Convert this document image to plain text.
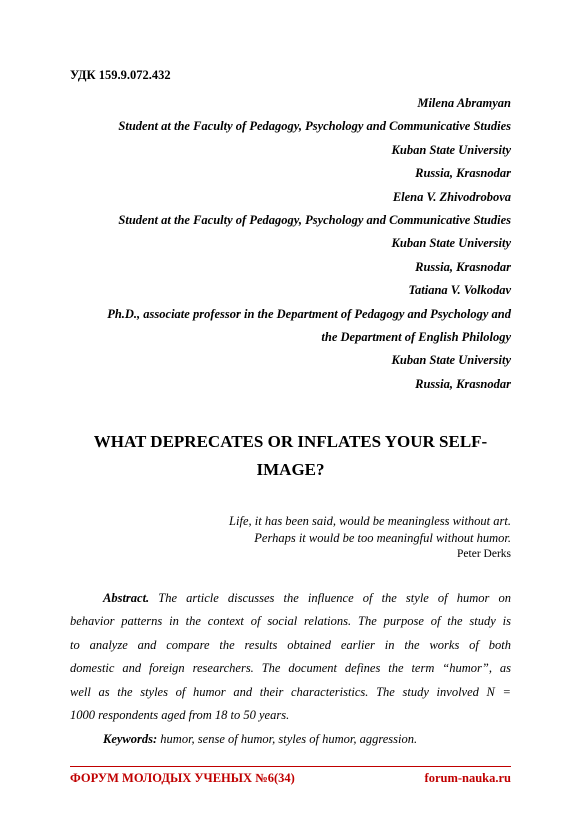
УДК 159.9.072.432
Milena Abramyan
Student at the Faculty of Pedagogy, Psychology and Communicative Studies
Kuban State University
Russia, Krasnodar
Elena V. Zhivodrobova
Student at the Faculty of Pedagogy, Psychology and Communicative Studies
Kuban State University
Russia, Krasnodar
Tatiana V. Volkodav
Ph.D., associate professor in the Department of Pedagogy and Psychology and
the Department of English Philology
Kuban State University
Russia, Krasnodar
WHAT DEPRECATES OR INFLATES YOUR SELF-
IMAGE?
Life, it has been said, would be meaningless without art.
Perhaps it would be too meaningful without humor.
Peter Derks
Abstract. The article discusses the influence of the style of humor on
behavior patterns in the context of social relations. The purpose of the study is
to analyze and compare the results obtained earlier in the works of both
domestic and foreign researchers. The document defines the term “humor”, as
well as the styles of humor and their characteristics. The study involved N =
1000 respondents aged from 18 to 50 years.
Keywords: humor, sense of humor, styles of humor, aggression.
ФОРУМ МОЛОДЫХ УЧЕНЫХ №6(34)	forum-nauka.ru
